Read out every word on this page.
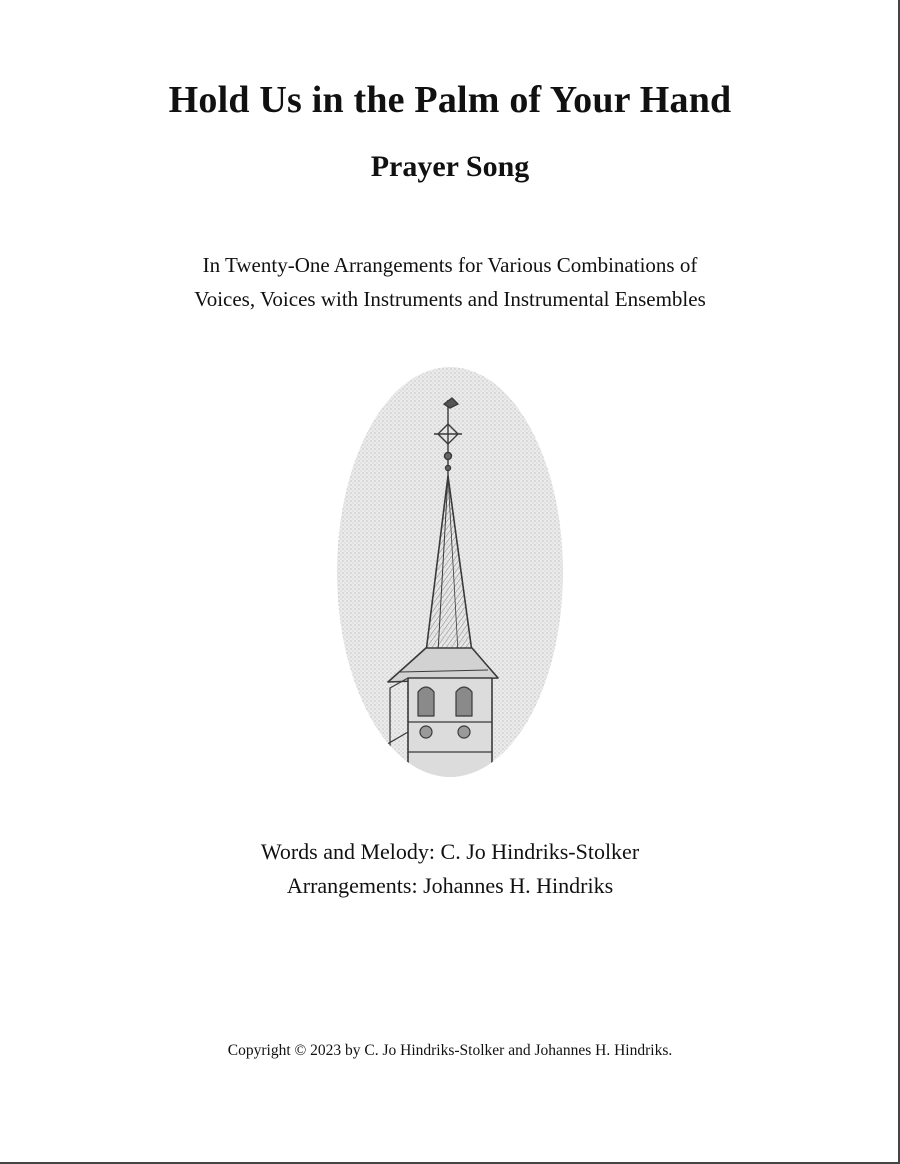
Hold Us in the Palm of Your Hand
Prayer Song
In Twenty-One Arrangements for Various Combinations of
Voices, Voices with Instruments and Instrumental Ensembles
Words and Melody: C. Jo Hindriks-Stolker
Arrangements: Johannes H. Hindriks
Copyright © 2023 by C. Jo Hindriks-Stolker and Johannes H. Hindriks.
